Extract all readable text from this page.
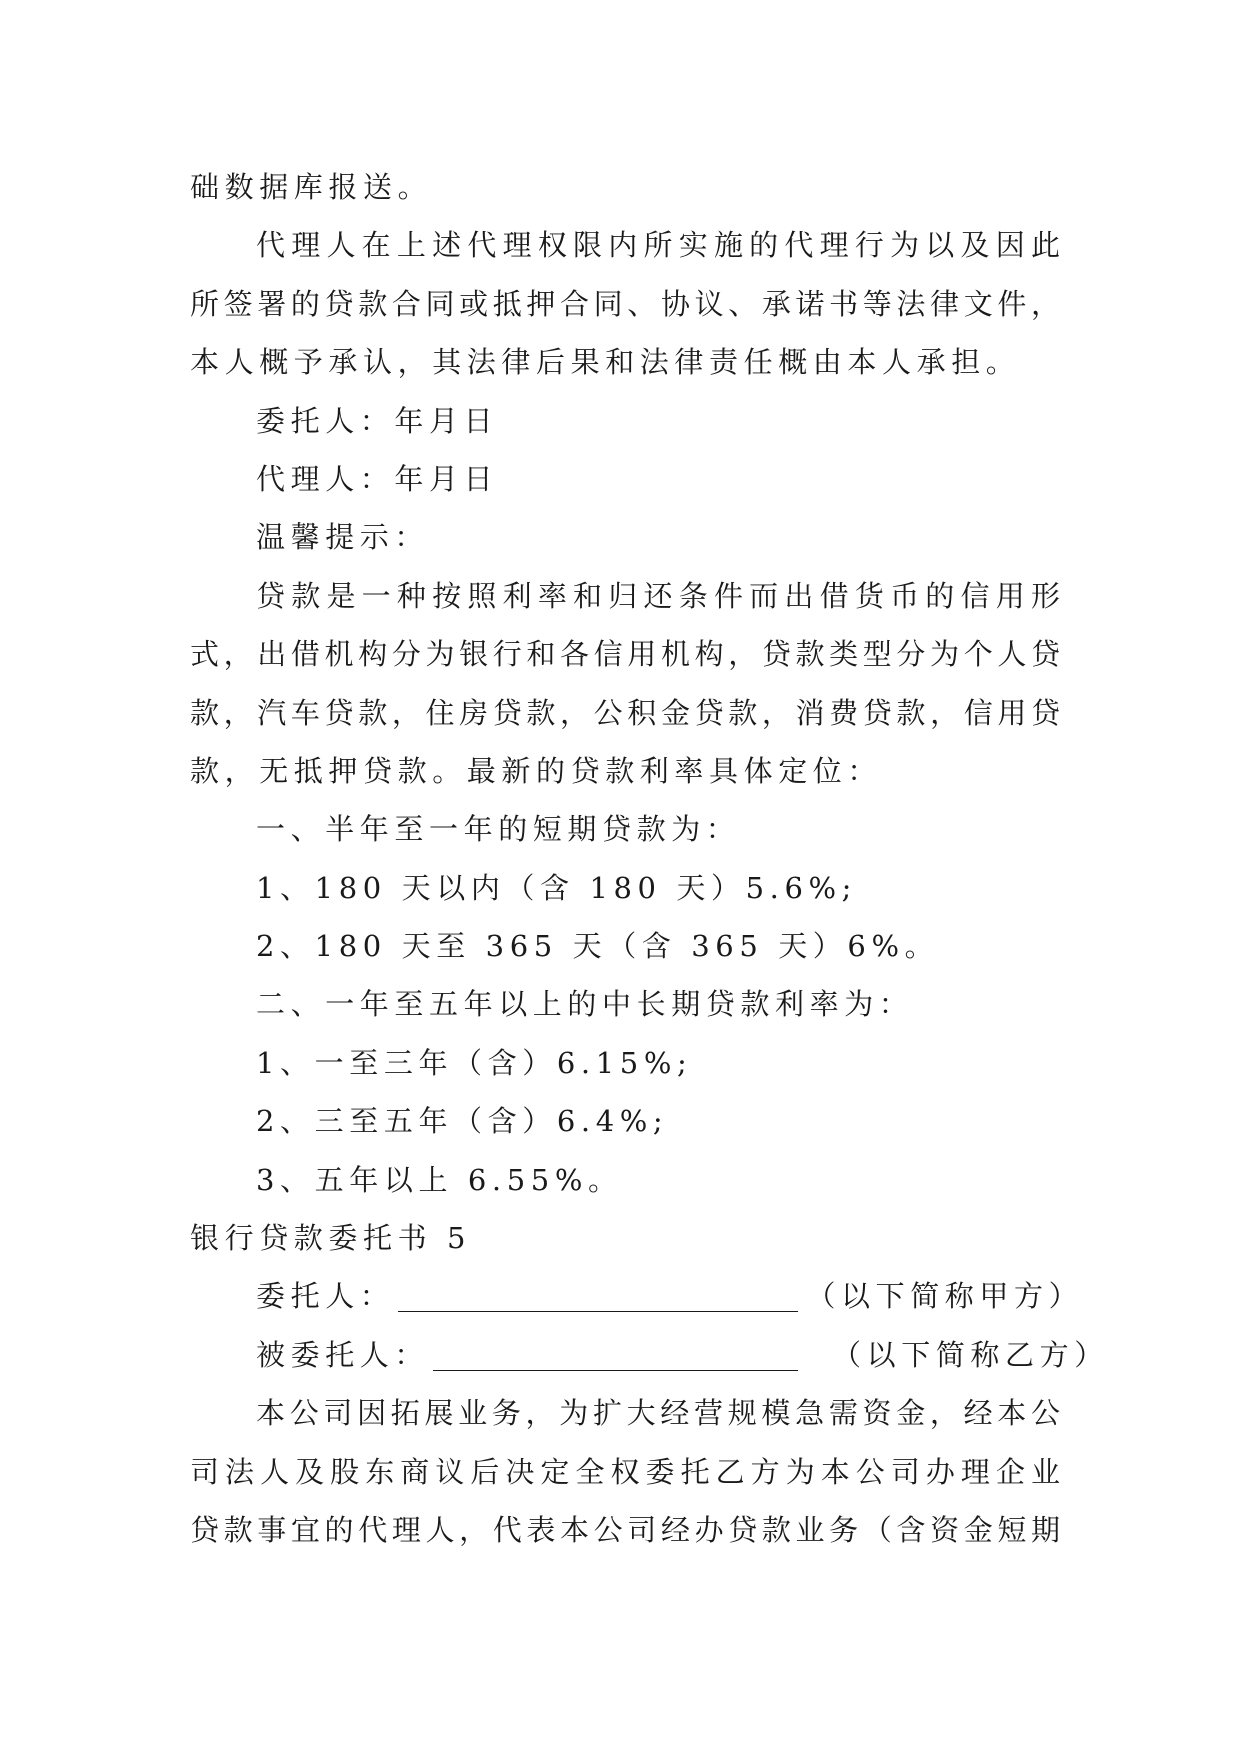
础数据库报送。
代理人在上述代理权限内所实施的代理行为以及因此
所签署的贷款合同或抵押合同、协议、承诺书等法律文件，
本人概予承认，其法律后果和法律责任概由本人承担。
委托人：年月日
代理人：年月日
温馨提示：
贷款是一种按照利率和归还条件而出借货币的信用形
式，出借机构分为银行和各信用机构，贷款类型分为个人贷
款，汽车贷款，住房贷款，公积金贷款，消费贷款，信用贷
款，无抵押贷款。最新的贷款利率具体定位：
一、半年至一年的短期贷款为：
1、180 天以内（含 180 天）5.6%;
2、180 天至 365 天（含 365 天）6%。
二、一年至五年以上的中长期贷款利率为：
1、一至三年（含）6.15%;
2、三至五年（含）6.4%;
3、五年以上 6.55%。
银行贷款委托书 5
委托人：	（以下简称甲方）
被委托人：	（以下简称乙方）
本公司因拓展业务，为扩大经营规模急需资金，经本公
司法人及股东商议后决定全权委托乙方为本公司办理企业
贷款事宜的代理人，代表本公司经办贷款业务（含资金短期
